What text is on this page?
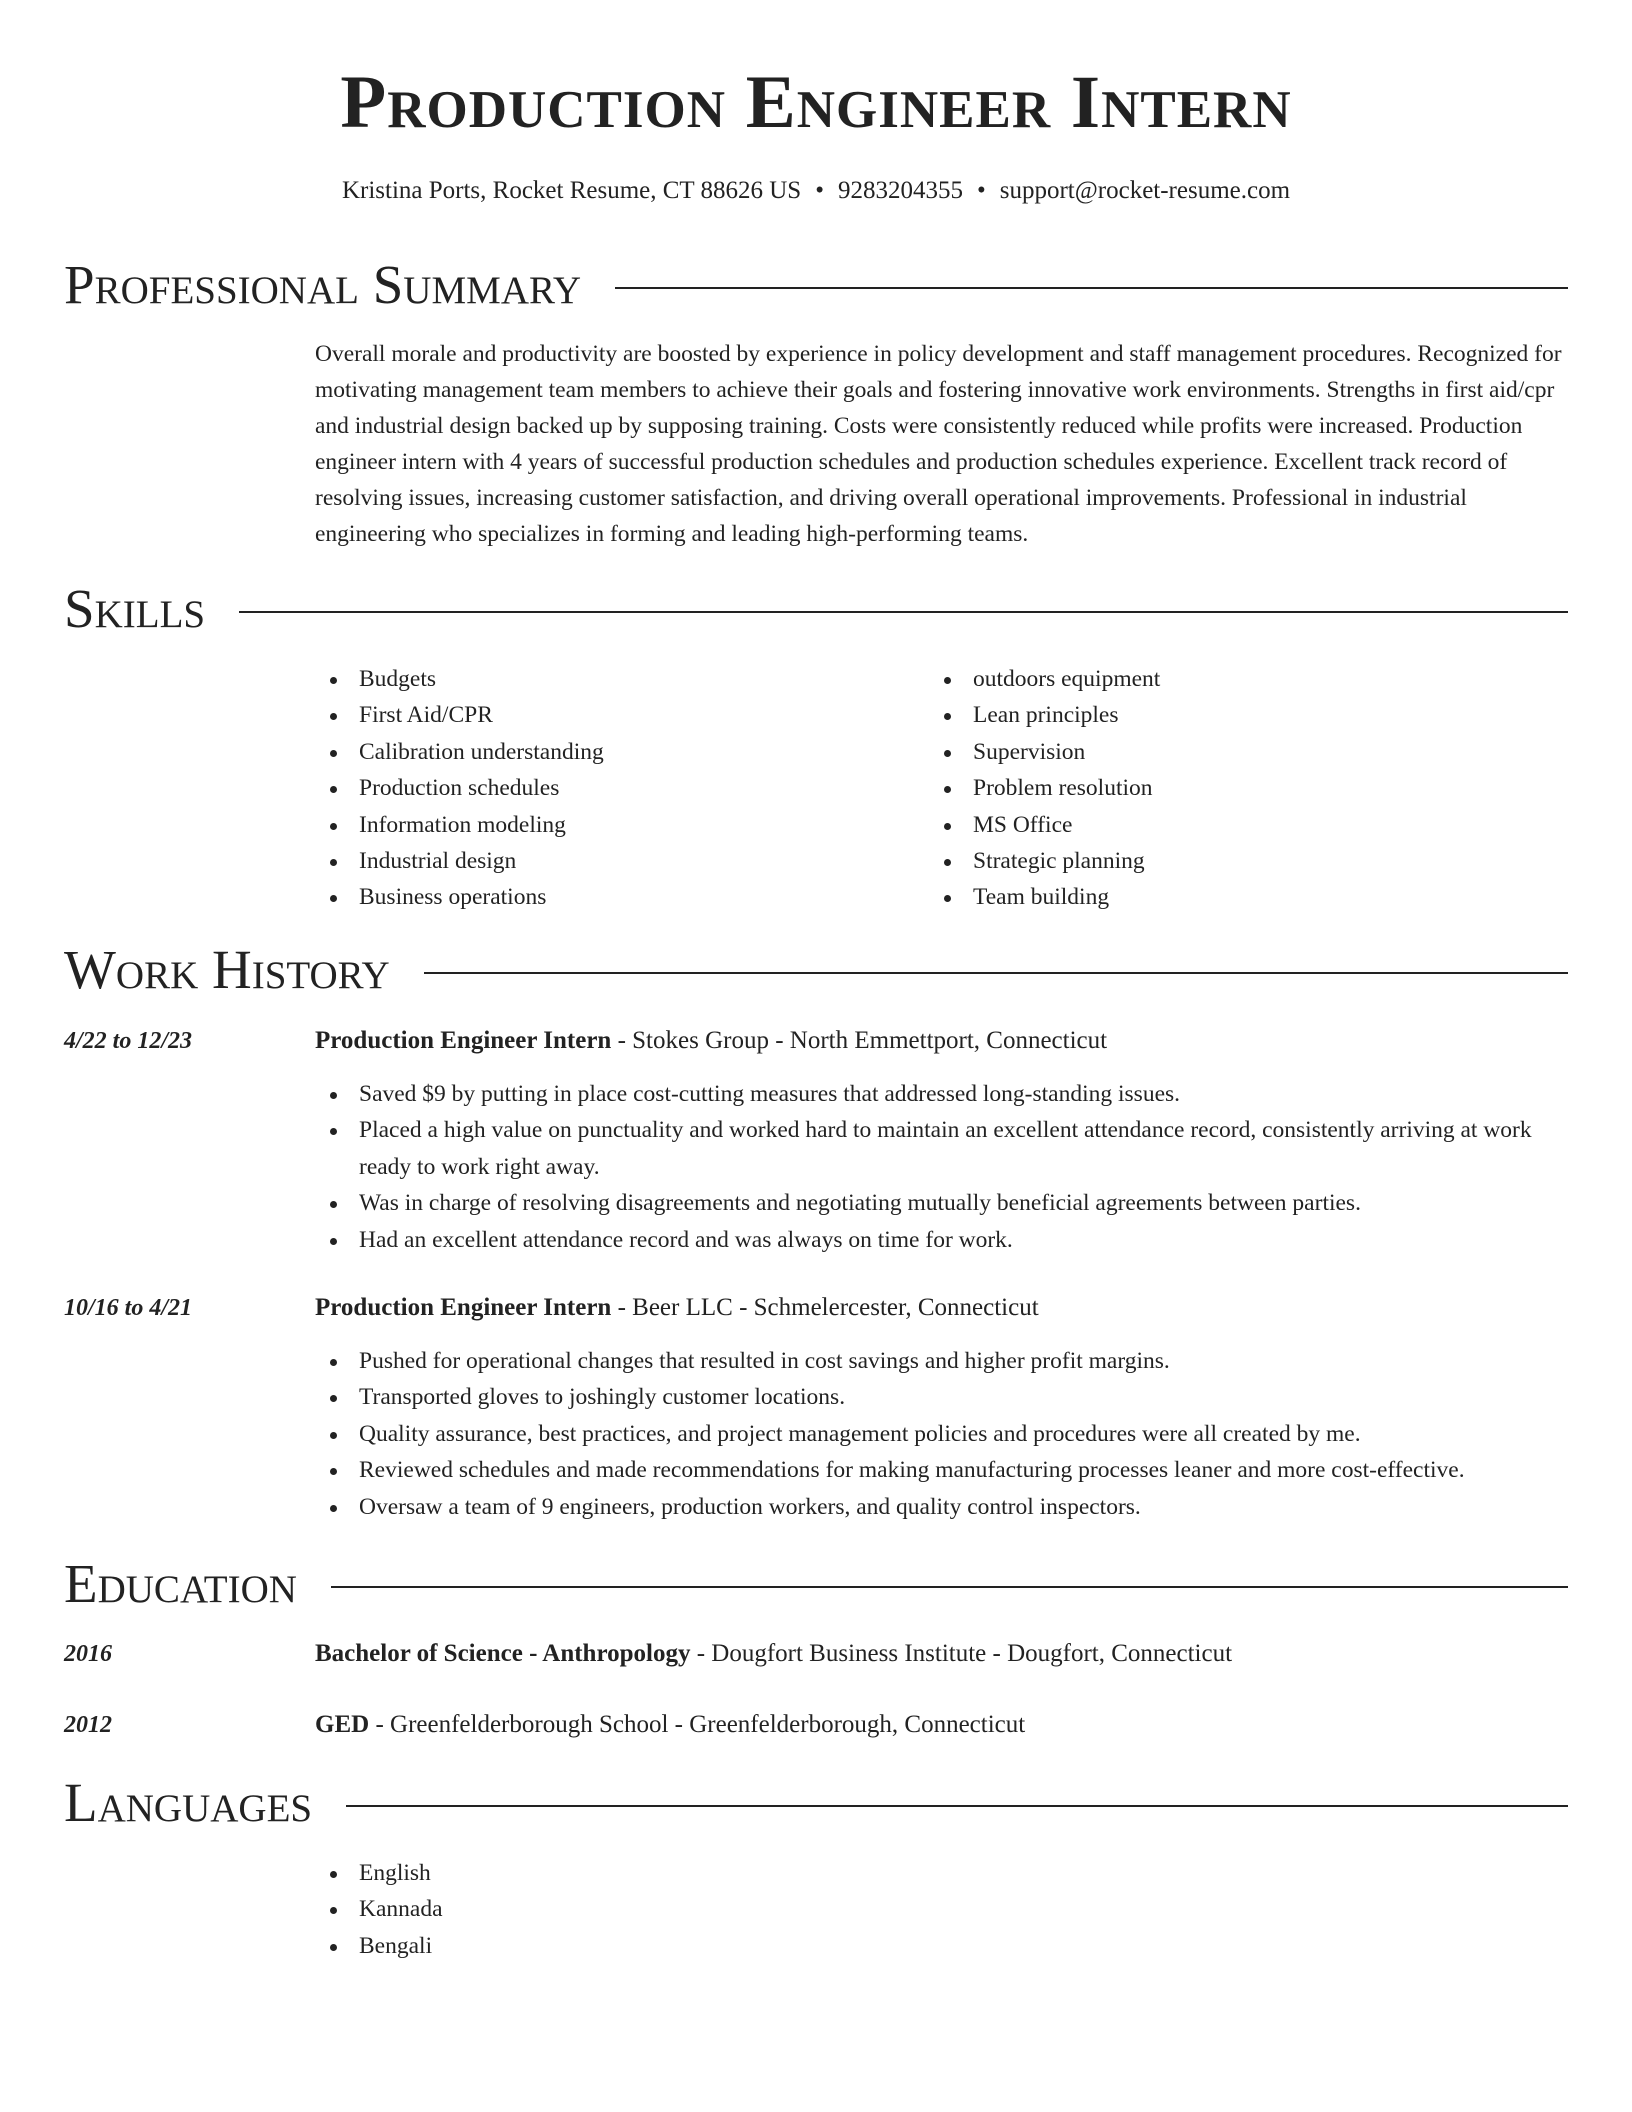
Production Engineer Intern
Kristina Ports, Rocket Resume, CT 88626 US • 9283204355 • support@rocket-resume.com
Professional Summary

Overall morale and productivity are boosted by experience in policy development and staff management procedures. Recognized for motivating management team members to achieve their goals and fostering innovative work environments. Strengths in first aid/cpr and industrial design backed up by supposing training. Costs were consistently reduced while profits were increased. Production engineer intern with 4 years of successful production schedules and production schedules experience. Excellent track record of resolving issues, increasing customer satisfaction, and driving overall operational improvements. Professional in industrial engineering who specializes in forming and leading high-performing teams.

Skills
Budgets
First Aid/CPR
Calibration understanding
Production schedules
Information modeling
Industrial design
Business operations
outdoors equipment
Lean principles
Supervision
Problem resolution
MS Office
Strategic planning
Team building
Work History
4/22 to 12/23	Production Engineer Intern - Stokes Group - North Emmettport, Connecticut
Saved $9 by putting in place cost-cutting measures that addressed long-standing issues.
Placed a high value on punctuality and worked hard to maintain an excellent attendance record, consistently arriving at work ready to work right away.
Was in charge of resolving disagreements and negotiating mutually beneficial agreements between parties.
Had an excellent attendance record and was always on time for work.
10/16 to 4/21	Production Engineer Intern - Beer LLC - Schmelercester, Connecticut
Pushed for operational changes that resulted in cost savings and higher profit margins.
Transported gloves to joshingly customer locations.
Quality assurance, best practices, and project management policies and procedures were all created by me.
Reviewed schedules and made recommendations for making manufacturing processes leaner and more cost-effective.
Oversaw a team of 9 engineers, production workers, and quality control inspectors.
Education
2016	Bachelor of Science - Anthropology - Dougfort Business Institute - Dougfort, Connecticut
2012	GED - Greenfelderborough School - Greenfelderborough, Connecticut
Languages
English
Kannada
Bengali
